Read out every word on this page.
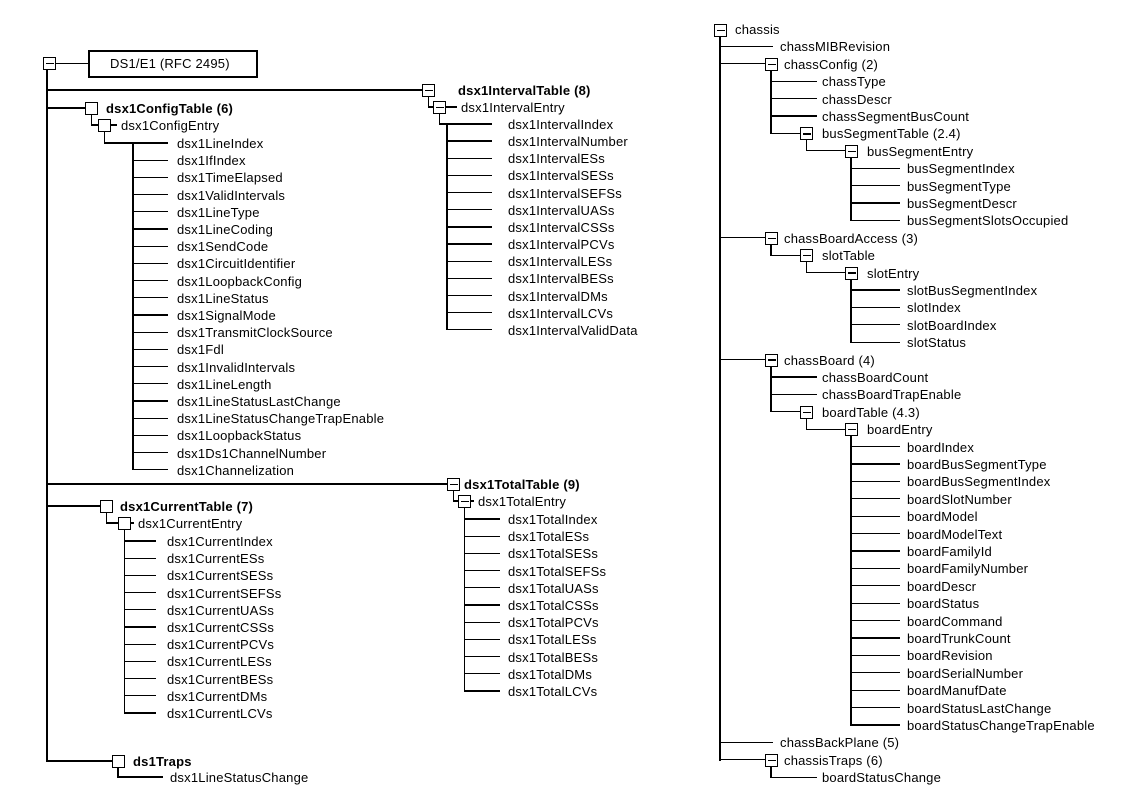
DS1/E1 (RFC 2495)
dsx1ConfigTable (6)
dsx1ConfigEntry
dsx1LineIndex
dsx1IfIndex
dsx1TimeElapsed
dsx1ValidIntervals
dsx1LineType
dsx1LineCoding
dsx1SendCode
dsx1CircuitIdentifier
dsx1LoopbackConfig
dsx1LineStatus
dsx1SignalMode
dsx1TransmitClockSource
dsx1Fdl
dsx1InvalidIntervals
dsx1LineLength
dsx1LineStatusLastChange
dsx1LineStatusChangeTrapEnable
dsx1LoopbackStatus
dsx1Ds1ChannelNumber
dsx1Channelization
dsx1CurrentTable (7)
dsx1CurrentEntry
dsx1CurrentIndex
dsx1CurrentESs
dsx1CurrentSESs
dsx1CurrentSEFSs
dsx1CurrentUASs
dsx1CurrentCSSs
dsx1CurrentPCVs
dsx1CurrentLESs
dsx1CurrentBESs
dsx1CurrentDMs
dsx1CurrentLCVs
dsx1IntervalTable (8)
dsx1IntervalEntry
dsx1IntervalIndex
dsx1IntervalNumber
dsx1IntervalESs
dsx1IntervalSESs
dsx1IntervalSEFSs
dsx1IntervalUASs
dsx1IntervalCSSs
dsx1IntervalPCVs
dsx1IntervalLESs
dsx1IntervalBESs
dsx1IntervalDMs
dsx1IntervalLCVs
dsx1IntervalValidData
dsx1TotalTable (9)
dsx1TotalEntry
dsx1TotalIndex
dsx1TotalESs
dsx1TotalSESs
dsx1TotalSEFSs
dsx1TotalUASs
dsx1TotalCSSs
dsx1TotalPCVs
dsx1TotalLESs
dsx1TotalBESs
dsx1TotalDMs
dsx1TotalLCVs
ds1Traps
dsx1LineStatusChange
chassis
chassMIBRevision
chassConfig (2)
chassType
chassDescr
chassSegmentBusCount
busSegmentTable (2.4)
busSegmentEntry
busSegmentIndex
busSegmentType
busSegmentDescr
busSegmentSlotsOccupied
chassBoardAccess (3)
slotTable
slotEntry
slotBusSegmentIndex
slotIndex
slotBoardIndex
slotStatus
chassBoard (4)
chassBoardCount
chassBoardTrapEnable
boardTable (4.3)
boardEntry
boardIndex
boardBusSegmentType
boardBusSegmentIndex
boardSlotNumber
boardModel
boardModelText
boardFamilyId
boardFamilyNumber
boardDescr
boardStatus
boardCommand
boardTrunkCount
boardRevision
boardSerialNumber
boardManufDate
boardStatusLastChange
boardStatusChangeTrapEnable
chassBackPlane (5)
chassisTraps (6)
boardStatusChange
